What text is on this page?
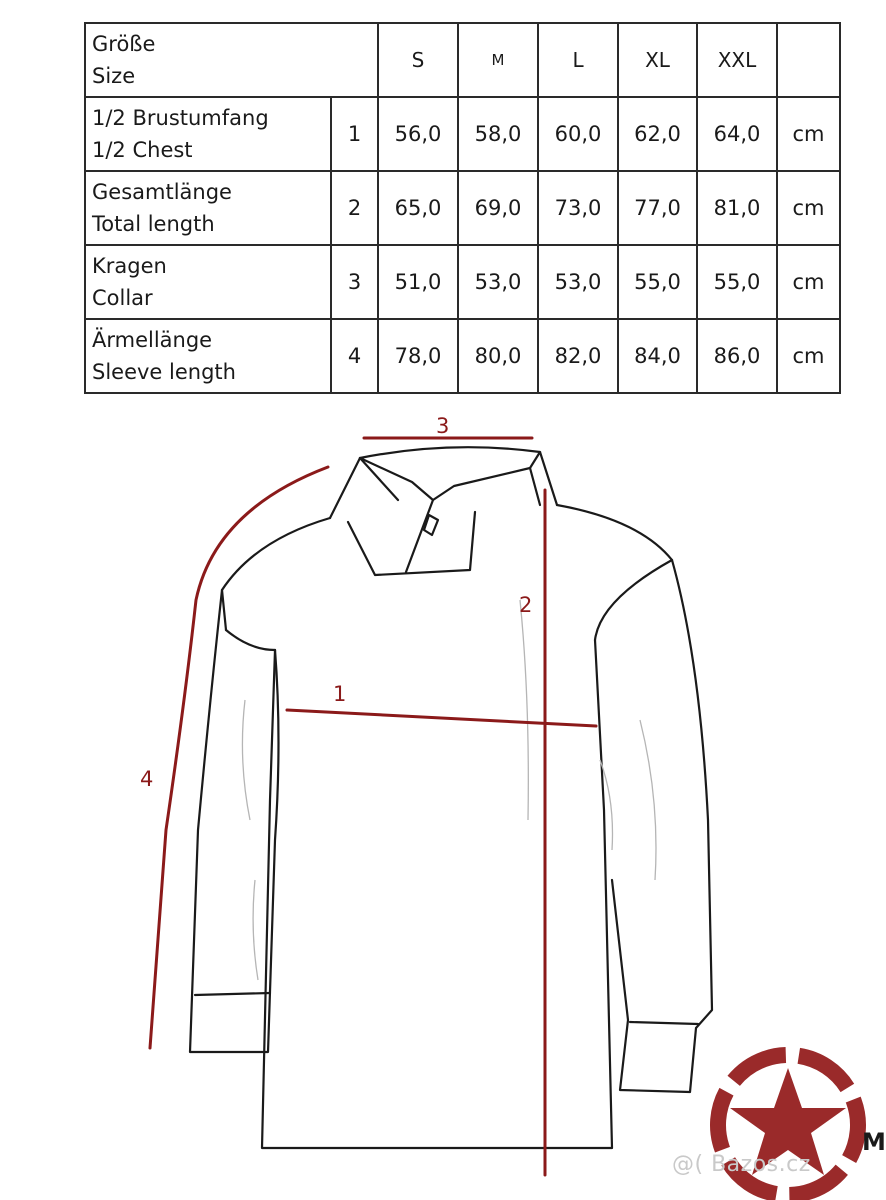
Größe
Size		S	M	L	XL	XXL	

1/2 Brustumfang
1/2 Chest	1	56,0	58,0	60,0	62,0	64,0	cm

Gesamtlänge
Total length	2	65,0	69,0	73,0	77,0	81,0	cm

Kragen
Collar	3	51,0	53,0	53,0	55,0	55,0	cm

Ärmellänge
Sleeve length	4	78,0	80,0	82,0	84,0	86,0	cm
3
2
1
4
@( Bazos.cz
M
